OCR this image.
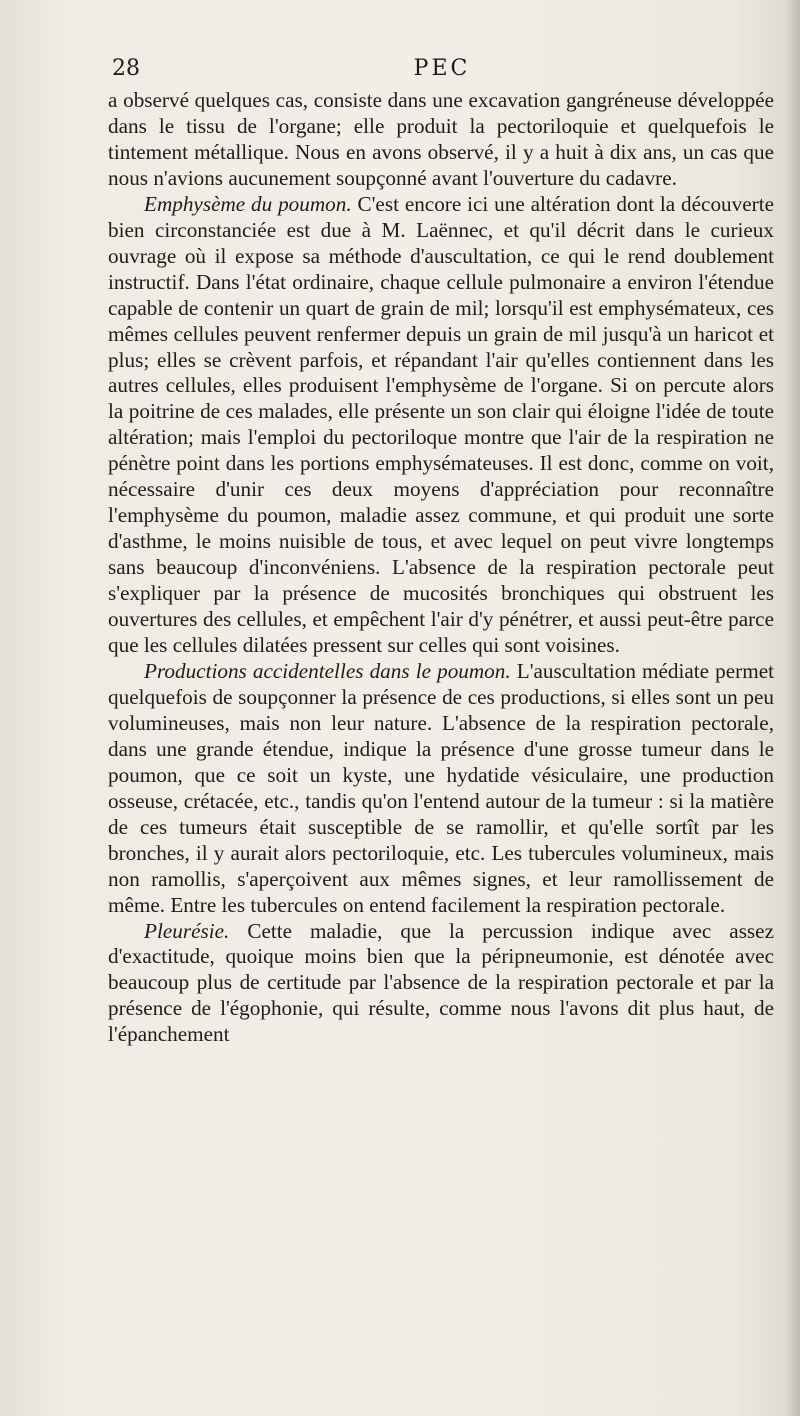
28	PEC

a observé quelques cas, consiste dans une excavation gangréneuse développée dans le tissu de l'organe; elle produit la pectoriloquie et quelquefois le tintement métallique. Nous en avons observé, il y a huit à dix ans, un cas que nous n'avions aucunement soupçonné avant l'ouverture du cadavre.

Emphysème du poumon. C'est encore ici une altération dont la découverte bien circonstanciée est due à M. Laënnec, et qu'il décrit dans le curieux ouvrage où il expose sa méthode d'auscultation, ce qui le rend doublement instructif. Dans l'état ordinaire, chaque cellule pulmonaire a environ l'étendue capable de contenir un quart de grain de mil; lorsqu'il est emphysémateux, ces mêmes cellules peuvent renfermer depuis un grain de mil jusqu'à un haricot et plus; elles se crèvent parfois, et répandant l'air qu'elles contiennent dans les autres cellules, elles produisent l'emphysème de l'organe. Si on percute alors la poitrine de ces malades, elle présente un son clair qui éloigne l'idée de toute altération; mais l'emploi du pectoriloque montre que l'air de la respiration ne pénètre point dans les portions emphysémateuses. Il est donc, comme on voit, nécessaire d'unir ces deux moyens d'appréciation pour reconnaître l'emphysème du poumon, maladie assez commune, et qui produit une sorte d'asthme, le moins nuisible de tous, et avec lequel on peut vivre longtemps sans beaucoup d'inconvéniens. L'absence de la respiration pectorale peut s'expliquer par la présence de mucosités bronchiques qui obstruent les ouvertures des cellules, et empêchent l'air d'y pénétrer, et aussi peut-être parce que les cellules dilatées pressent sur celles qui sont voisines.

Productions accidentelles dans le poumon. L'auscultation médiate permet quelquefois de soupçonner la présence de ces productions, si elles sont un peu volumineuses, mais non leur nature. L'absence de la respiration pectorale, dans une grande étendue, indique la présence d'une grosse tumeur dans le poumon, que ce soit un kyste, une hydatide vésiculaire, une production osseuse, crétacée, etc., tandis qu'on l'entend autour de la tumeur : si la matière de ces tumeurs était susceptible de se ramollir, et qu'elle sortît par les bronches, il y aurait alors pectoriloquie, etc. Les tubercules volumineux, mais non ramollis, s'aperçoivent aux mêmes signes, et leur ramollissement de même. Entre les tubercules on entend facilement la respiration pectorale.

Pleurésie. Cette maladie, que la percussion indique avec assez d'exactitude, quoique moins bien que la péripneumonie, est dénotée avec beaucoup plus de certitude par l'absence de la respiration pectorale et par la présence de l'égophonie, qui résulte, comme nous l'avons dit plus haut, de l'épanchement
